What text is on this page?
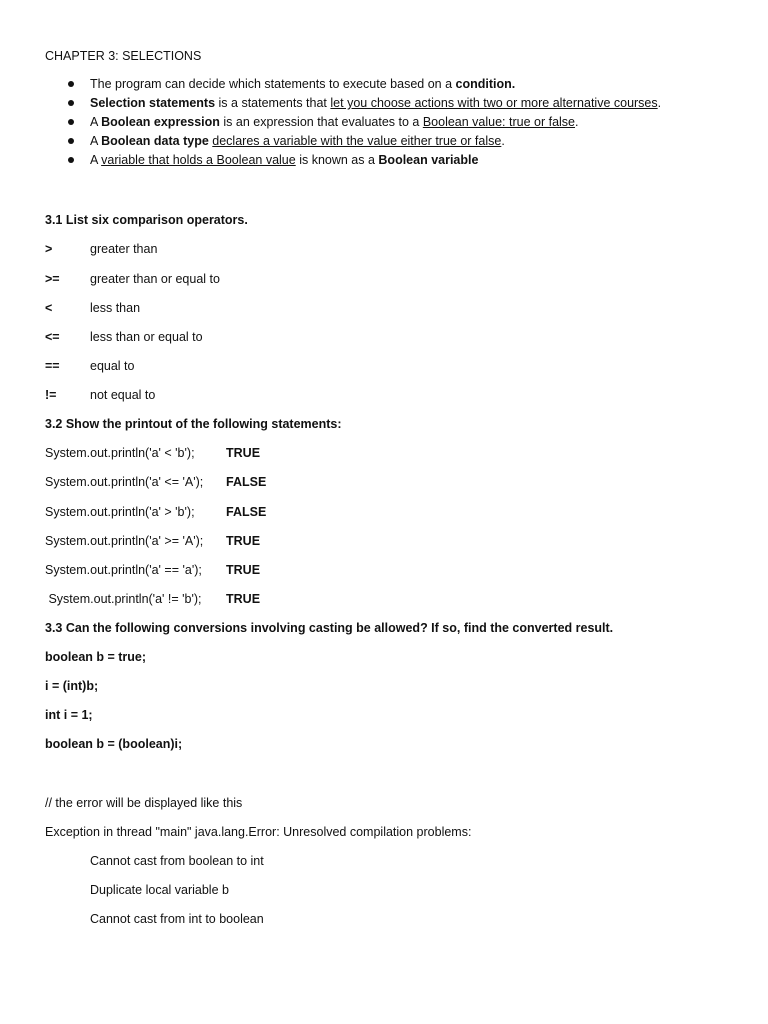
CHAPTER 3: SELECTIONS
The program can decide which statements to execute based on a condition.
Selection statements is a statements that let you choose actions with two or more alternative courses.
A Boolean expression is an expression that evaluates to a Boolean value: true or false.
A Boolean data type declares a variable with the value either true or false.
A variable that holds a Boolean value is known as a Boolean variable
3.1 List six comparison operators.
>	greater than
>= greater than or equal to
<	less than
<= less than or equal to
== equal to
!=	not equal to
3.2 Show the printout of the following statements:
System.out.println('a' < 'b');	TRUE
System.out.println('a' <= 'A'); FALSE
System.out.println('a' > 'b');	FALSE
System.out.println('a' >= 'A'); TRUE
System.out.println('a' == 'a'); TRUE
System.out.println('a' != 'b'); TRUE
3.3 Can the following conversions involving casting be allowed? If so, find the converted result.
boolean b = true;
i = (int)b;
int i = 1;
boolean b = (boolean)i;
// the error will be displayed like this
Exception in thread "main" java.lang.Error: Unresolved compilation problems:
Cannot cast from boolean to int
Duplicate local variable b
Cannot cast from int to boolean
